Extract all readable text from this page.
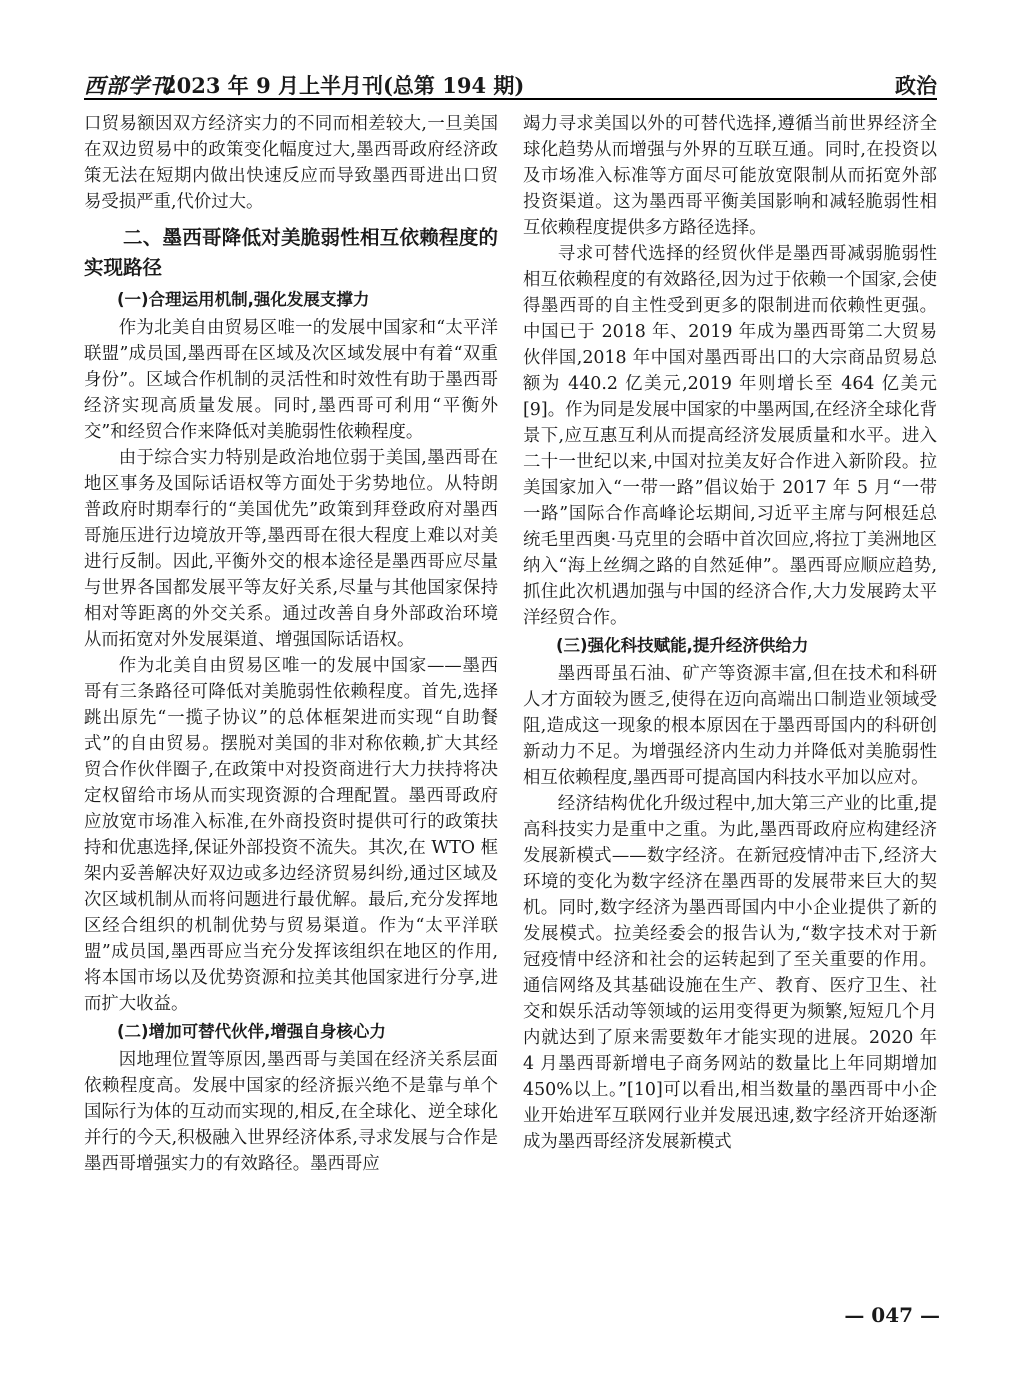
西部学刊
2023 年 9 月上半月刊(总第 194 期)	政治

口贸易额因双方经济实力的不同而相差较大,一旦美国在双边贸易中的政策变化幅度过大,墨西哥政府经济政策无法在短期内做出快速反应而导致墨西哥进出口贸易受损严重,代价过大。

二、墨西哥降低对美脆弱性相互依赖程度的实现路径
(一)合理运用机制,强化发展支撑力

作为北美自由贸易区唯一的发展中国家和“太平洋联盟”成员国,墨西哥在区域及次区域发展中有着“双重身份”。区域合作机制的灵活性和时效性有助于墨西哥经济实现高质量发展。同时,墨西哥可利用“平衡外交”和经贸合作来降低对美脆弱性依赖程度。

由于综合实力特别是政治地位弱于美国,墨西哥在地区事务及国际话语权等方面处于劣势地位。从特朗普政府时期奉行的“美国优先”政策到拜登政府对墨西哥施压进行边境放开等,墨西哥在很大程度上难以对美进行反制。因此,平衡外交的根本途径是墨西哥应尽量与世界各国都发展平等友好关系,尽量与其他国家保持相对等距离的外交关系。通过改善自身外部政治环境从而拓宽对外发展渠道、增强国际话语权。

作为北美自由贸易区唯一的发展中国家——墨西哥有三条路径可降低对美脆弱性依赖程度。首先,选择跳出原先“一揽子协议”的总体框架进而实现“自助餐式”的自由贸易。摆脱对美国的非对称依赖,扩大其经贸合作伙伴圈子,在政策中对投资商进行大力扶持将决定权留给市场从而实现资源的合理配置。墨西哥政府应放宽市场准入标准,在外商投资时提供可行的政策扶持和优惠选择,保证外部投资不流失。其次,在 WTO 框架内妥善解决好双边或多边经济贸易纠纷,通过区域及次区域机制从而将问题进行最优解。最后,充分发挥地区经合组织的机制优势与贸易渠道。作为“太平洋联盟”成员国,墨西哥应当充分发挥该组织在地区的作用,将本国市场以及优势资源和拉美其他国家进行分享,进而扩大收益。

(二)增加可替代伙伴,增强自身核心力

因地理位置等原因,墨西哥与美国在经济关系层面依赖程度高。发展中国家的经济振兴绝不是靠与单个国际行为体的互动而实现的,相反,在全球化、逆全球化并行的今天,积极融入世界经济体系,寻求发展与合作是墨西哥增强实力的有效路径。墨西哥应

竭力寻求美国以外的可替代选择,遵循当前世界经济全球化趋势从而增强与外界的互联互通。同时,在投资以及市场准入标准等方面尽可能放宽限制从而拓宽外部投资渠道。这为墨西哥平衡美国影响和减轻脆弱性相互依赖程度提供多方路径选择。

寻求可替代选择的经贸伙伴是墨西哥减弱脆弱性相互依赖程度的有效路径,因为过于依赖一个国家,会使得墨西哥的自主性受到更多的限制进而依赖性更强。中国已于 2018 年、2019 年成为墨西哥第二大贸易伙伴国,2018 年中国对墨西哥出口的大宗商品贸易总额为 440.2 亿美元,2019 年则增长至 464 亿美元[9]。作为同是发展中国家的中墨两国,在经济全球化背景下,应互惠互利从而提高经济发展质量和水平。进入二十一世纪以来,中国对拉美友好合作进入新阶段。拉美国家加入“一带一路”倡议始于 2017 年 5 月“一带一路”国际合作高峰论坛期间,习近平主席与阿根廷总统毛里西奥·马克里的会晤中首次回应,将拉丁美洲地区纳入“海上丝绸之路的自然延伸”。墨西哥应顺应趋势,抓住此次机遇加强与中国的经济合作,大力发展跨太平洋经贸合作。

(三)强化科技赋能,提升经济供给力

墨西哥虽石油、矿产等资源丰富,但在技术和科研人才方面较为匮乏,使得在迈向高端出口制造业领域受阻,造成这一现象的根本原因在于墨西哥国内的科研创新动力不足。为增强经济内生动力并降低对美脆弱性相互依赖程度,墨西哥可提高国内科技水平加以应对。

经济结构优化升级过程中,加大第三产业的比重,提高科技实力是重中之重。为此,墨西哥政府应构建经济发展新模式——数字经济。在新冠疫情冲击下,经济大环境的变化为数字经济在墨西哥的发展带来巨大的契机。同时,数字经济为墨西哥国内中小企业提供了新的发展模式。拉美经委会的报告认为,“数字技术对于新冠疫情中经济和社会的运转起到了至关重要的作用。通信网络及其基础设施在生产、教育、医疗卫生、社交和娱乐活动等领域的运用变得更为频繁,短短几个月内就达到了原来需要数年才能实现的进展。2020 年 4 月墨西哥新增电子商务网站的数量比上年同期增加 450%以上。”[10]可以看出,相当数量的墨西哥中小企业开始进军互联网行业并发展迅速,数字经济开始逐渐成为墨西哥经济发展新模式

— 047 —
